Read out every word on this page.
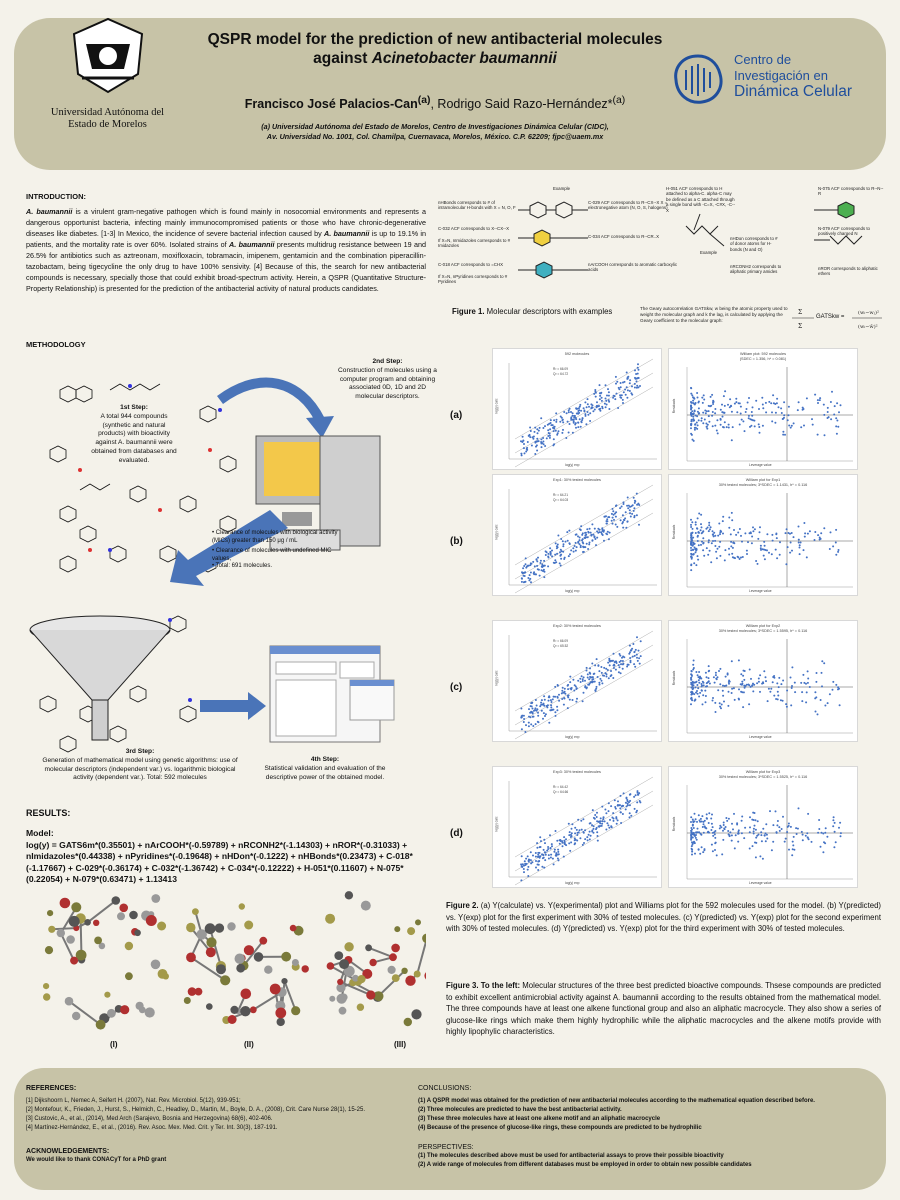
Universidad Autónoma del
Estado de Morelos
QSPR model for the prediction of new antibacterial molecules
against Acinetobacter baumannii
Francisco José Palacios-Can$^{(a)}$, Rodrigo Said Razo-Hernández*$^{(a)}$
(a) Universidad Autónoma del Estado de Morelos, Centro de Investigaciones Dinámica Celular (CIDC),
Av. Universidad No. 1001, Col. Chamilpa, Cuernavaca, Morelos, México. C.P. 62209; fjpc@uaem.mx
Centro de
Investigación en
Dinámica Celular
INTRODUCTION:
A. baumannii is a virulent gram-negative pathogen which is found mainly in nosocomial environments and represents a dangerous opportunist bacteria, infecting mainly immunocompromised patients or those who have chronic-degenerative diseases like diabetes. [1-3] In Mexico, the incidence of severe bacterial infection caused by A. baumannii is up to 19.1% in patients, and the mortality rate is over 60%. Isolated strains of A. baumannii presents multidrug resistance between 19 and 26.5% for antibiotics such as aztreonam, moxifloxacin, tobramacin, imipenem, gentamicin and the combination piperacillin-tazobactam, being tigecycline the only drug to have 100% sensivity. [4] Because of this, the search for new antibacterial compounds is necessary, specially those that could exhibit broad-spectrum activity. Herein, a QSPR (Quantitative Structure-Property Relationship) is presented for the prediction of the antibacterial activity of natural products candidates.
Example
nHBonds corresponds to # of intramolecular H-bonds with X = N, O, F
C-029 ACF corresponds to R--CX--X X = electronegative atom (N, O, S, halogens)
C-032 ACF corresponds to X--CX--X
If X=N, nImidazoles corresponds to # Imidazoles
C-034 ACF corresponds to R--CR..X
C-018 ACF corresponds to =CHX
If X=N, nPyridines corresponds to # Pyridines
nArCOOH corresponds to aromatic carboxylic acids
H-051 ACF corresponds to H attached to alpha-C. alpha-C may be defined as a C attached through a single bond with -C=X, -C#X, -C--X
nHDon corresponds to # of donor atoms for H-bonds (N and O)
nRCONH2 corresponds to aliphatic primary amides
N-075 ACF corresponds to R--N--R
N-079 ACF corresponds to positively charged N
nROR corresponds to aliphatic ethers
Example
Figure 1. Molecular descriptors with examples	The Geary autocorrelation GATSkw, w being the atomic property used to weight the molecular graph and k the lag, is calculated by applying the Geary coefficient to the molecular graph:
GATSkw =
Σ
Σ
(wᵢ−wⱼ)²
(wᵢ−w̄)²
METHODOLOGY
1st Step:
A total 944 compounds (synthetic and natural products) with bioactivity against A. baumannii were obtained from databases and evaluated.
2nd Step:
Construction of molecules using a computer program and obtaining associated 0D, 1D and 2D molecular descriptors.
• Clearance of molecules with biological activity (MICs) greater than 150 μg / mL
• Clearance of molecules with undefined MIC values,
• Total: 691 molecules.
3rd Step:
Generation of mathematical model using genetic algorithms: use of molecular descriptors (independent var.) vs. logarithmic biological activity (dependent var.). Total: 592 molecules
4th Step:
Statistical validation and evaluation of the descriptive power of the obtained model.
RESULTS:
Model:
log(y) = GATS6m*(0.35501) + nArCOOH*(-0.59789) + nRCONH2*(-1.14303) + nROR*(-0.31033) + nImidazoles*(0.44338) + nPyridines*(-0.19648) + nHDon*(-0.1222) + nHBonds*(0.23473) + C-018*(-1.17667) + C-029*(-0.36174) + C-032*(-1.36742) + C-034*(-0.12222) + H-051*(0.11607) + N-075*(0.22054) + N-079*(0.63471) + 1.13413
(I)	(II)	(III)
(a)
592 molecules
R² = 66.09
Q² = 64.72
log(y) exp
log(y) calc
William plot: 592 molecules
(SDEC = 1.356, h* = 0.081)
Leverage value
Residuals
(b)
Exp1: 30% tested molecules
R² = 64.21
Q² = 64.03
log(y) exp
log(y) calc
William plot for Exp1
30% tested molecules; 3*SDEC = 1.1431, h* = 0.116
Leverage value
Residuals
(c)
Exp2: 30% tested molecules
R² = 66.09
Q² = 65.52
log(y) exp
log(y) calc
William plot for Exp2
30% tested molecules; 3*SDEC = 1.5595, h* = 0.116
Leverage value
Residuals
(d)
Exp3: 30% tested molecules
R² = 64.42
Q² = 64.66
log(y) exp
log(y) calc
William plot for Exp3
30% tested molecules; 3*SDEC = 1.5525, h* = 0.116
Leverage value
Residuals
Figure 2. (a) Y(calculate) vs. Y(experimental) plot and Williams plot for the 592 molecules used for the model. (b) Y(predicted) vs. Y(exp) plot for the first experiment with 30% of tested molecules. (c) Y(predicted) vs. Y(exp) plot for the second experiment with 30% of tested molecules. (d) Y(predicted) vs. Y(exp) plot for the third experiment with 30% of tested molecules.
Figure 3. To the left: Molecular structures of the three best predicted bioactive compounds. Thsese compounds are predicted to exhibit excellent antimicrobial activity against A. baumannii according to the results obtained from the mathematical model. The three compounds have at least one alkene functional group and also an aliphatic macrocycle. They also show a series of glucose-like rings which make them highly hydrophilic while the aliphatic macrocycles and the alkene motifs provide with highly lipophylic characteristics.
REFERENCES:
[1] Dijkshoorn L, Nemec A, Seifert H. (2007), Nat. Rev. Microbiol. 5(12), 939-951;
[2] Montefour, K., Frieden, J., Hurst, S., Helmich, C., Headley, D., Martin, M., Boyle, D. A., (2008), Crit. Care Nurse 28(1), 15-25.
[3] Custovic, A., et al., (2014), Med Arch (Sarajevo, Bosnia and Herzegovina) 68(6), 402-406.
[4] Martínez-Hernández, E., et al., (2016). Rev. Asoc. Mex. Med. Crit. y Ter. Int. 30(3), 187-191.
ACKNOWLEDGEMENTS:
We would like to thank CONACyT for a PhD grant
CONCLUSIONS:
(1) A QSPR model was obtained for the prediction of new antibacterial molecules according to the mathematical equation described before.
(2) Three molecules are predicted to have the best antibacterial activity.
(3) These three molecules have at least one alkene motif and an aliphatic macrocycle
(4) Because of the presence of glucose-like rings, these compounds are predicted to be hydrophilic
PERSPECTIVES:
(1) The molecules described above must be used for antibacterial assays to prove their possible bioactivity
(2) A wide range of molecules from different databases must be employed in order to obtain new possible candidates
